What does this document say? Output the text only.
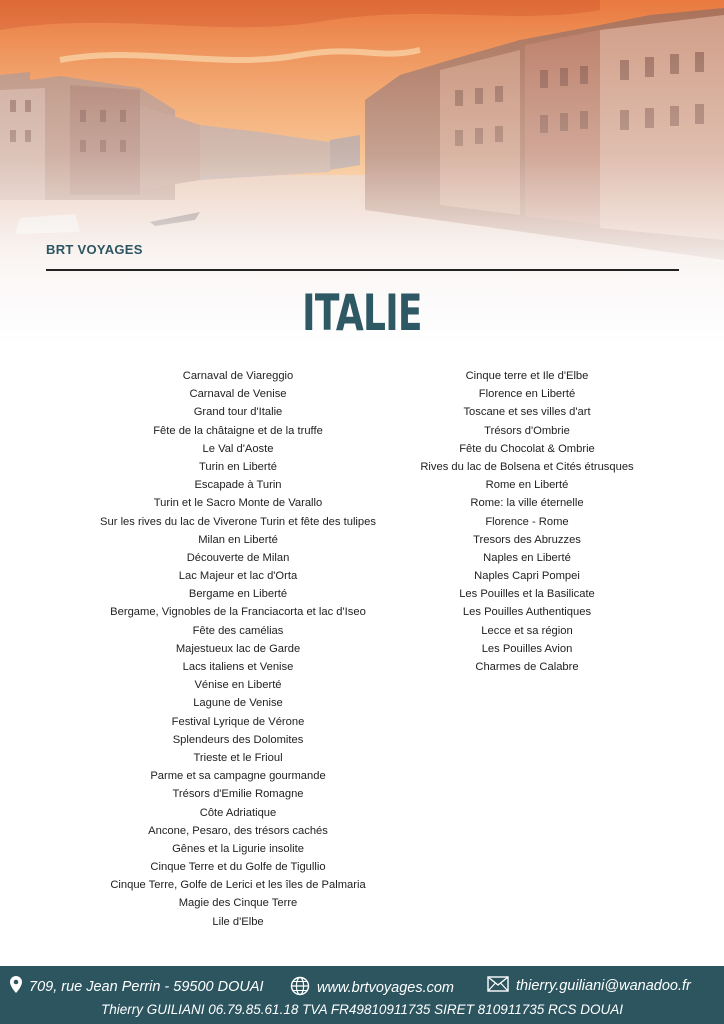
BRT VOYAGES
ITALIE
Carnaval de Viareggio
Carnaval de Venise
Grand tour d'Italie
Fête de la châtaigne et de la truffe
Le Val d'Aoste
Turin en Liberté
Escapade à Turin
Turin et le Sacro Monte de Varallo
Sur les rives du lac de Viverone Turin et fête des tulipes
Milan en Liberté
Découverte de Milan
Lac Majeur et lac d'Orta
Bergame en Liberté
Bergame, Vignobles de la Franciacorta et lac d'Iseo
Fête des camélias
Majestueux lac de Garde
Lacs italiens et Venise
Vénise en Liberté
Lagune de Venise
Festival Lyrique de Vérone
Splendeurs des Dolomites
Trieste et le Frioul
Parme et sa campagne gourmande
Trésors d'Emilie Romagne
Côte Adriatique
Ancone, Pesaro, des trésors cachés
Gênes et la Ligurie insolite
Cinque Terre et du Golfe de Tigullio
Cinque Terre, Golfe de Lerici et les îles de Palmaria
Magie des Cinque Terre
Lile d'Elbe
Cinque terre et Ile d'Elbe
Florence en Liberté
Toscane et ses villes d'art
Trésors d'Ombrie
Fête du Chocolat & Ombrie
Rives du lac de Bolsena et Cités étrusques
Rome en Liberté
Rome: la ville éternelle
Florence - Rome
Tresors des Abruzzes
Naples en Liberté
Naples Capri Pompei
Les Pouilles et la Basilicate
Les Pouilles Authentiques
Lecce et sa région
Les Pouilles Avion
Charmes de Calabre
709, rue Jean Perrin - 59500 DOUAI	www.brtvoyages.com	thierry.guiliani@wanadoo.fr
Thierry GUILIANI 06.79.85.61.18 TVA FR49810911735 SIRET 810911735 RCS DOUAI
